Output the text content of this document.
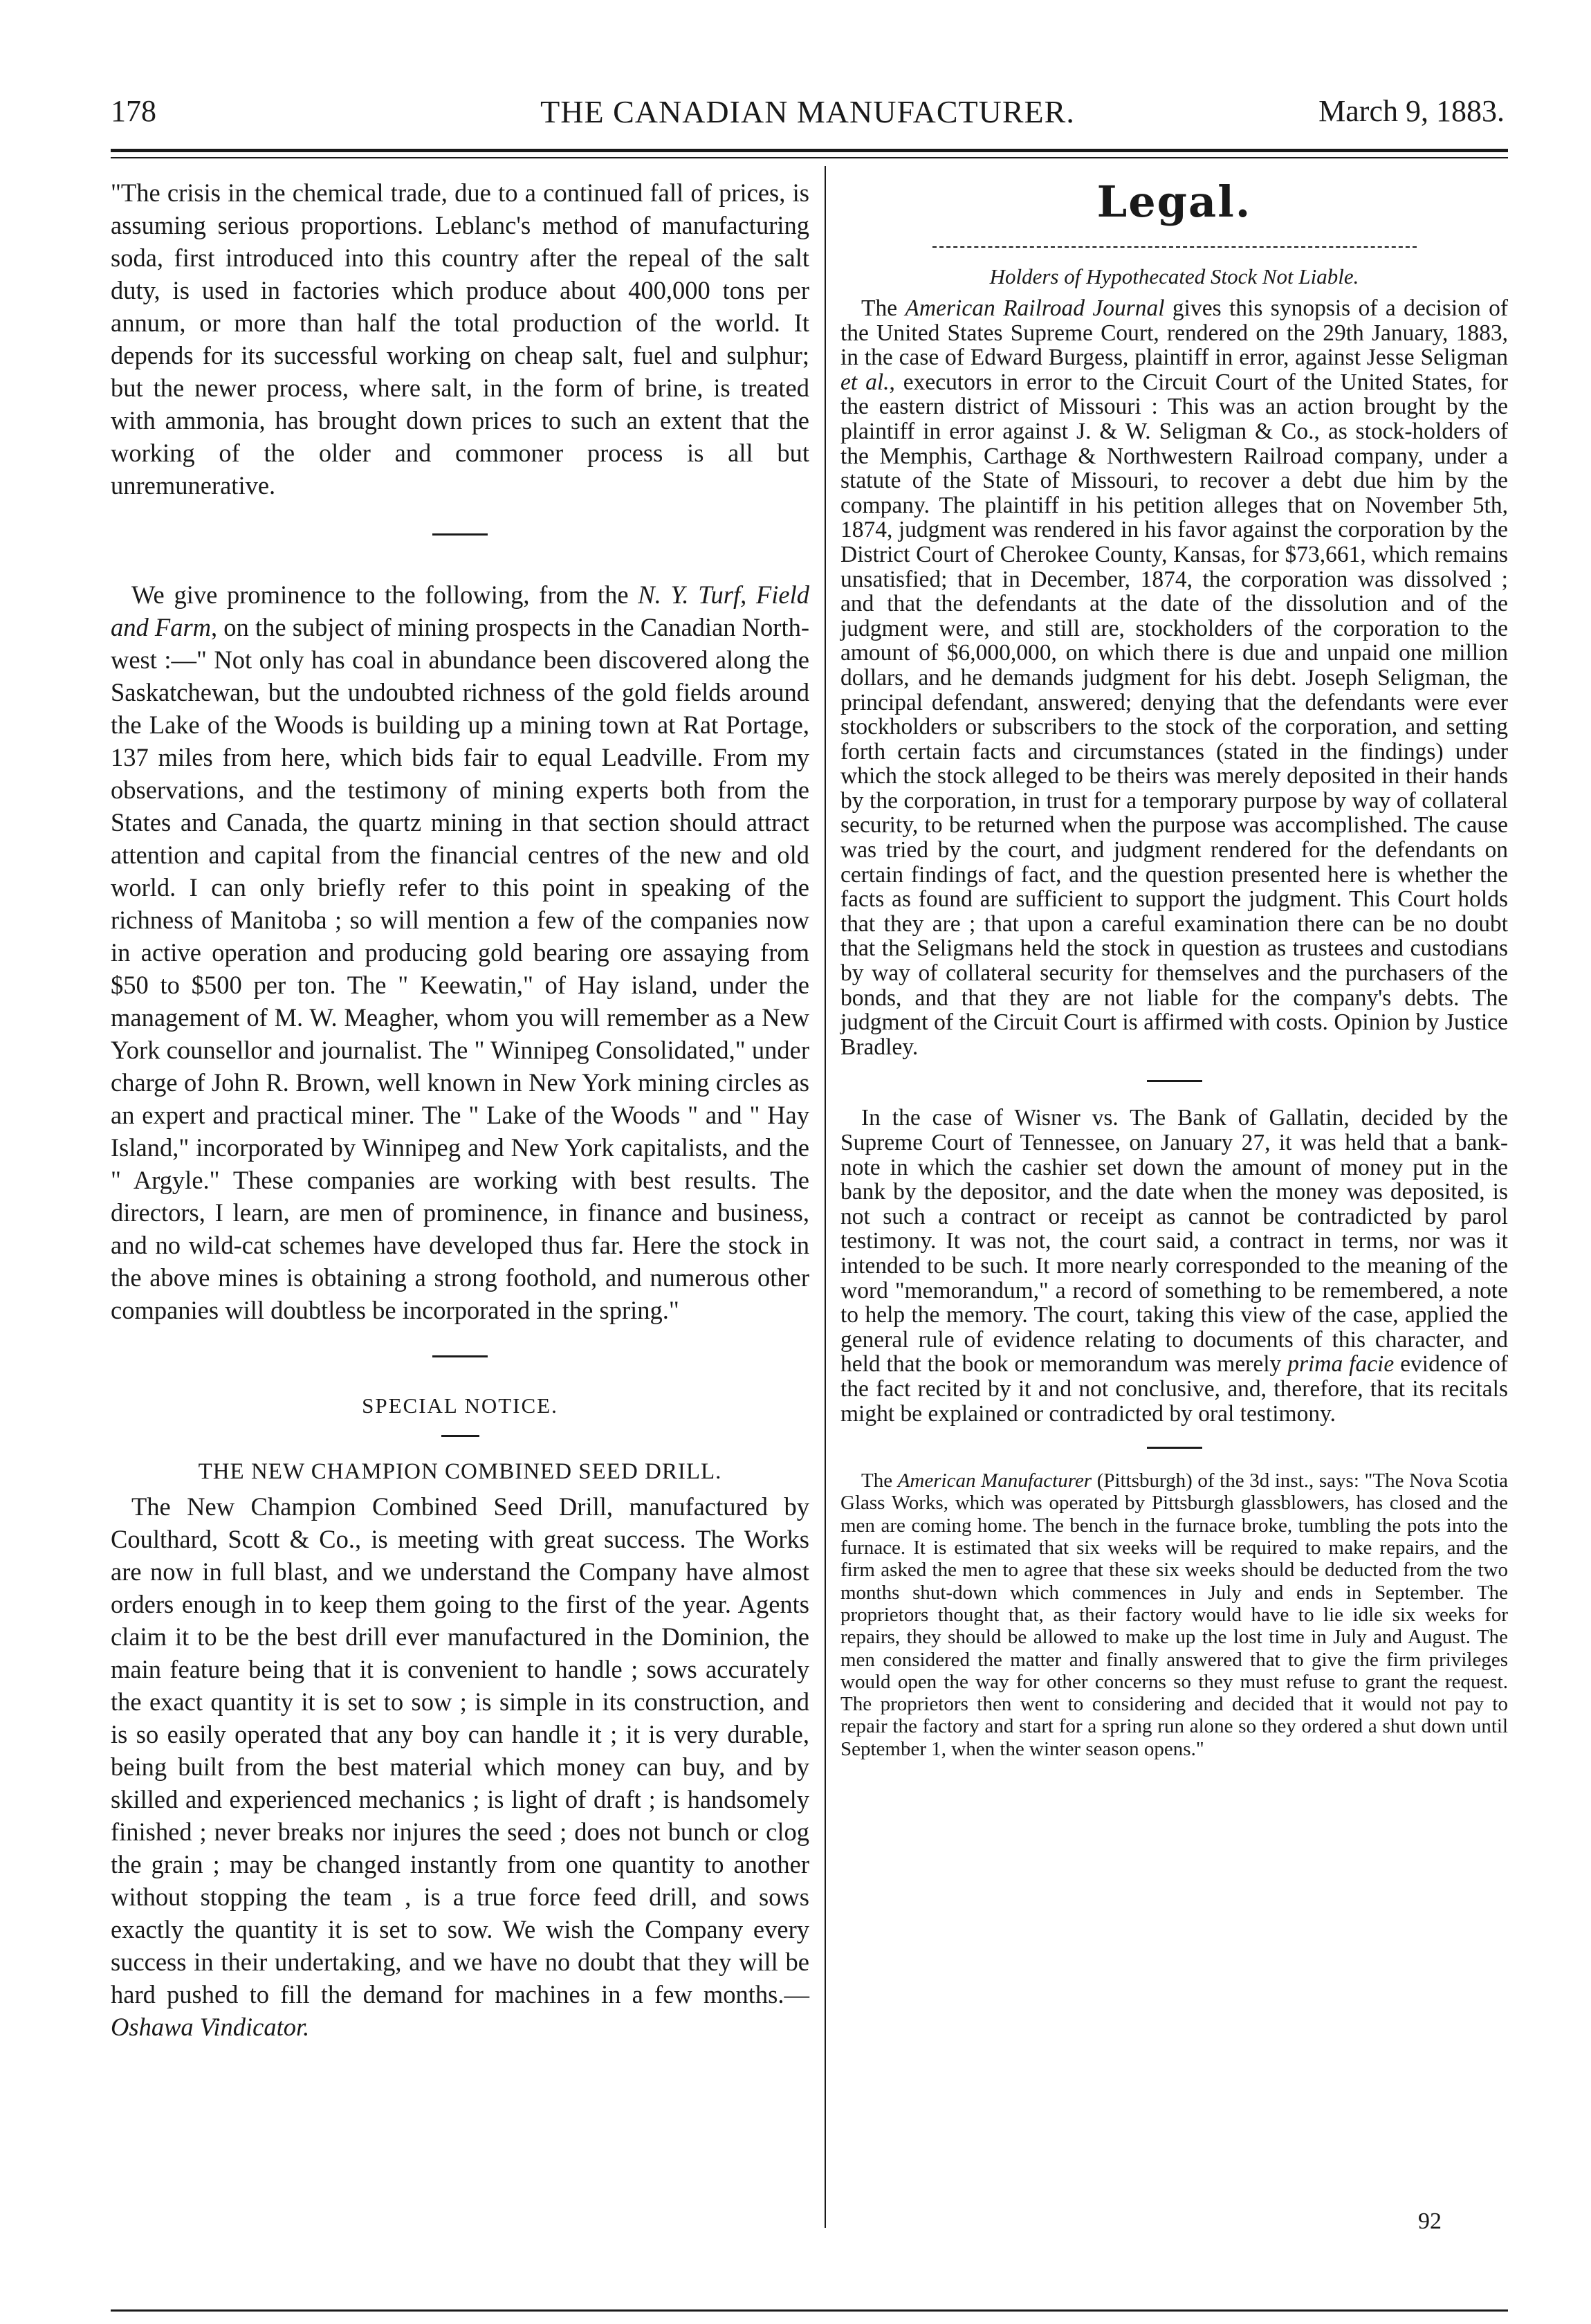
178	THE CANADIAN MANUFACTURER.	March 9, 1883.

"The crisis in the chemical trade, due to a continued fall of prices, is assuming serious proportions. Leblanc's method of manufacturing soda, first introduced into this country after the repeal of the salt duty, is used in factories which produce about 400,000 tons per annum, or more than half the total production of the world. It depends for its successful working on cheap salt, fuel and sulphur; but the newer process, where salt, in the form of brine, is treated with ammonia, has brought down prices to such an extent that the working of the older and commoner process is all but unremunerative.

We give prominence to the following, from the N. Y. Turf, Field and Farm, on the subject of mining prospects in the Canadian North-west :—" Not only has coal in abundance been discovered along the Saskatchewan, but the undoubted richness of the gold fields around the Lake of the Woods is building up a mining town at Rat Portage, 137 miles from here, which bids fair to equal Leadville. From my observations, and the testimony of mining experts both from the States and Canada, the quartz mining in that section should attract attention and capital from the financial centres of the new and old world. I can only briefly refer to this point in speaking of the richness of Manitoba ; so will mention a few of the companies now in active operation and producing gold bearing ore assaying from $50 to $500 per ton. The " Keewatin," of Hay island, under the management of M. W. Meagher, whom you will remember as a New York counsellor and journalist. The " Winnipeg Consolidated," under charge of John R. Brown, well known in New York mining circles as an expert and practical miner. The " Lake of the Woods " and " Hay Island," incorporated by Winnipeg and New York capitalists, and the " Argyle." These companies are working with best results. The directors, I learn, are men of prominence, in finance and business, and no wild-cat schemes have developed thus far. Here the stock in the above mines is obtaining a strong foothold, and numerous other companies will doubtless be incorporated in the spring."

SPECIAL NOTICE.
THE NEW CHAMPION COMBINED SEED DRILL.

The New Champion Combined Seed Drill, manufactured by Coulthard, Scott & Co., is meeting with great success. The Works are now in full blast, and we understand the Company have almost orders enough in to keep them going to the first of the year. Agents claim it to be the best drill ever manufactured in the Dominion, the main feature being that it is convenient to handle ; sows accurately the exact quantity it is set to sow ; is simple in its construction, and is so easily operated that any boy can handle it ; it is very durable, being built from the best material which money can buy, and by skilled and experienced mechanics ; is light of draft ; is handsomely finished ; never breaks nor injures the seed ; does not bunch or clog the grain ; may be changed instantly from one quantity to another without stopping the team , is a true force feed drill, and sows exactly the quantity it is set to sow. We wish the Company every success in their undertaking, and we have no doubt that they will be hard pushed to fill the demand for machines in a few months.—Oshawa Vindicator.

Legal.
Holders of Hypothecated Stock Not Liable.

The American Railroad Journal gives this synopsis of a decision of the United States Supreme Court, rendered on the 29th January, 1883, in the case of Edward Burgess, plaintiff in error, against Jesse Seligman et al., executors in error to the Circuit Court of the United States, for the eastern district of Missouri : This was an action brought by the plaintiff in error against J. & W. Seligman & Co., as stock-holders of the Memphis, Carthage & Northwestern Railroad company, under a statute of the State of Missouri, to recover a debt due him by the company. The plaintiff in his petition alleges that on November 5th, 1874, judgment was rendered in his favor against the corporation by the District Court of Cherokee County, Kansas, for $73,661, which remains unsatisfied; that in December, 1874, the corporation was dissolved ; and that the defendants at the date of the dissolution and of the judgment were, and still are, stockholders of the corporation to the amount of $6,000,000, on which there is due and unpaid one million dollars, and he demands judgment for his debt. Joseph Seligman, the principal defendant, answered; denying that the defendants were ever stockholders or subscribers to the stock of the corporation, and setting forth certain facts and circumstances (stated in the findings) under which the stock alleged to be theirs was merely deposited in their hands by the corporation, in trust for a temporary purpose by way of collateral security, to be returned when the purpose was accomplished. The cause was tried by the court, and judgment rendered for the defendants on certain findings of fact, and the question presented here is whether the facts as found are sufficient to support the judgment. This Court holds that they are ; that upon a careful examination there can be no doubt that the Seligmans held the stock in question as trustees and custodians by way of collateral security for themselves and the purchasers of the bonds, and that they are not liable for the company's debts. The judgment of the Circuit Court is affirmed with costs. Opinion by Justice Bradley.

In the case of Wisner vs. The Bank of Gallatin, decided by the Supreme Court of Tennessee, on January 27, it was held that a bank-note in which the cashier set down the amount of money put in the bank by the depositor, and the date when the money was deposited, is not such a contract or receipt as cannot be contradicted by parol testimony. It was not, the court said, a contract in terms, nor was it intended to be such. It more nearly corresponded to the meaning of the word "memorandum," a record of something to be remembered, a note to help the memory. The court, taking this view of the case, applied the general rule of evidence relating to documents of this character, and held that the book or memorandum was merely prima facie evidence of the fact recited by it and not conclusive, and, therefore, that its recitals might be explained or contradicted by oral testimony.

The American Manufacturer (Pittsburgh) of the 3d inst., says: "The Nova Scotia Glass Works, which was operated by Pittsburgh glassblowers, has closed and the men are coming home. The bench in the furnace broke, tumbling the pots into the furnace. It is estimated that six weeks will be required to make repairs, and the firm asked the men to agree that these six weeks should be deducted from the two months shut-down which commences in July and ends in September. The proprietors thought that, as their factory would have to lie idle six weeks for repairs, they should be allowed to make up the lost time in July and August. The men considered the matter and finally answered that to give the firm privileges would open the way for other concerns so they must refuse to grant the request. The proprietors then went to considering and decided that it would not pay to repair the factory and start for a spring run alone so they ordered a shut down until September 1, when the winter season opens."

92
